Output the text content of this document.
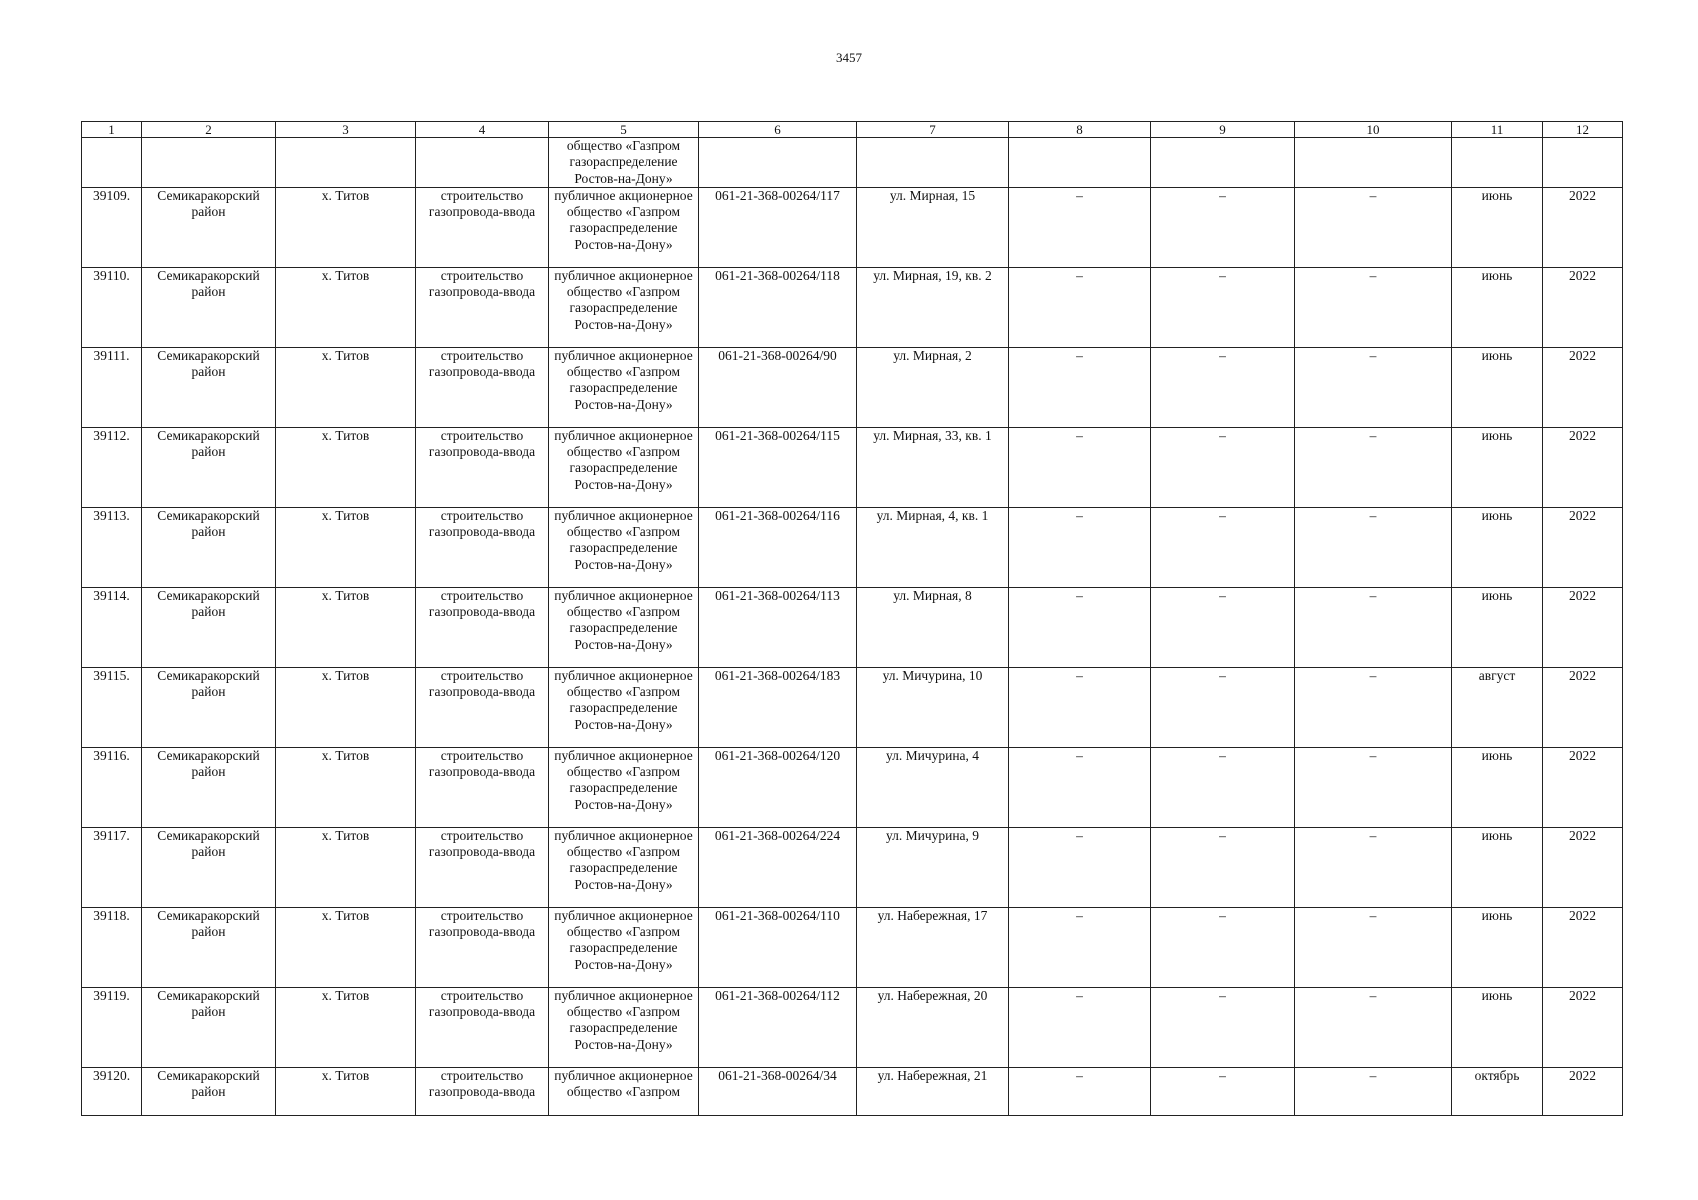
3457
1	2	3	4	5	6	7	8	9	10	11	12
				общество «Газпром газораспределение Ростов-на-Дону»							
39109.	Семикаракорский район	х. Титов	строительство газопровода-ввода	публичное акционерное общество «Газпром газораспределение Ростов-на-Дону»	061-21-368-00264/117	ул. Мирная, 15	–	–	–	июнь	2022
39110.	Семикаракорский район	х. Титов	строительство газопровода-ввода	публичное акционерное общество «Газпром газораспределение Ростов-на-Дону»	061-21-368-00264/118	ул. Мирная, 19, кв. 2	–	–	–	июнь	2022
39111.	Семикаракорский район	х. Титов	строительство газопровода-ввода	публичное акционерное общество «Газпром газораспределение Ростов-на-Дону»	061-21-368-00264/90	ул. Мирная, 2	–	–	–	июнь	2022
39112.	Семикаракорский район	х. Титов	строительство газопровода-ввода	публичное акционерное общество «Газпром газораспределение Ростов-на-Дону»	061-21-368-00264/115	ул. Мирная, 33, кв. 1	–	–	–	июнь	2022
39113.	Семикаракорский район	х. Титов	строительство газопровода-ввода	публичное акционерное общество «Газпром газораспределение Ростов-на-Дону»	061-21-368-00264/116	ул. Мирная, 4, кв. 1	–	–	–	июнь	2022
39114.	Семикаракорский район	х. Титов	строительство газопровода-ввода	публичное акционерное общество «Газпром газораспределение Ростов-на-Дону»	061-21-368-00264/113	ул. Мирная, 8	–	–	–	июнь	2022
39115.	Семикаракорский район	х. Титов	строительство газопровода-ввода	публичное акционерное общество «Газпром газораспределение Ростов-на-Дону»	061-21-368-00264/183	ул. Мичурина, 10	–	–	–	август	2022
39116.	Семикаракорский район	х. Титов	строительство газопровода-ввода	публичное акционерное общество «Газпром газораспределение Ростов-на-Дону»	061-21-368-00264/120	ул. Мичурина, 4	–	–	–	июнь	2022
39117.	Семикаракорский район	х. Титов	строительство газопровода-ввода	публичное акционерное общество «Газпром газораспределение Ростов-на-Дону»	061-21-368-00264/224	ул. Мичурина, 9	–	–	–	июнь	2022
39118.	Семикаракорский район	х. Титов	строительство газопровода-ввода	публичное акционерное общество «Газпром газораспределение Ростов-на-Дону»	061-21-368-00264/110	ул. Набережная, 17	–	–	–	июнь	2022
39119.	Семикаракорский район	х. Титов	строительство газопровода-ввода	публичное акционерное общество «Газпром газораспределение Ростов-на-Дону»	061-21-368-00264/112	ул. Набережная, 20	–	–	–	июнь	2022
39120.	Семикаракорский район	х. Титов	строительство газопровода-ввода	публичное акционерное общество «Газпром	061-21-368-00264/34	ул. Набережная, 21	–	–	–	октябрь	2022
